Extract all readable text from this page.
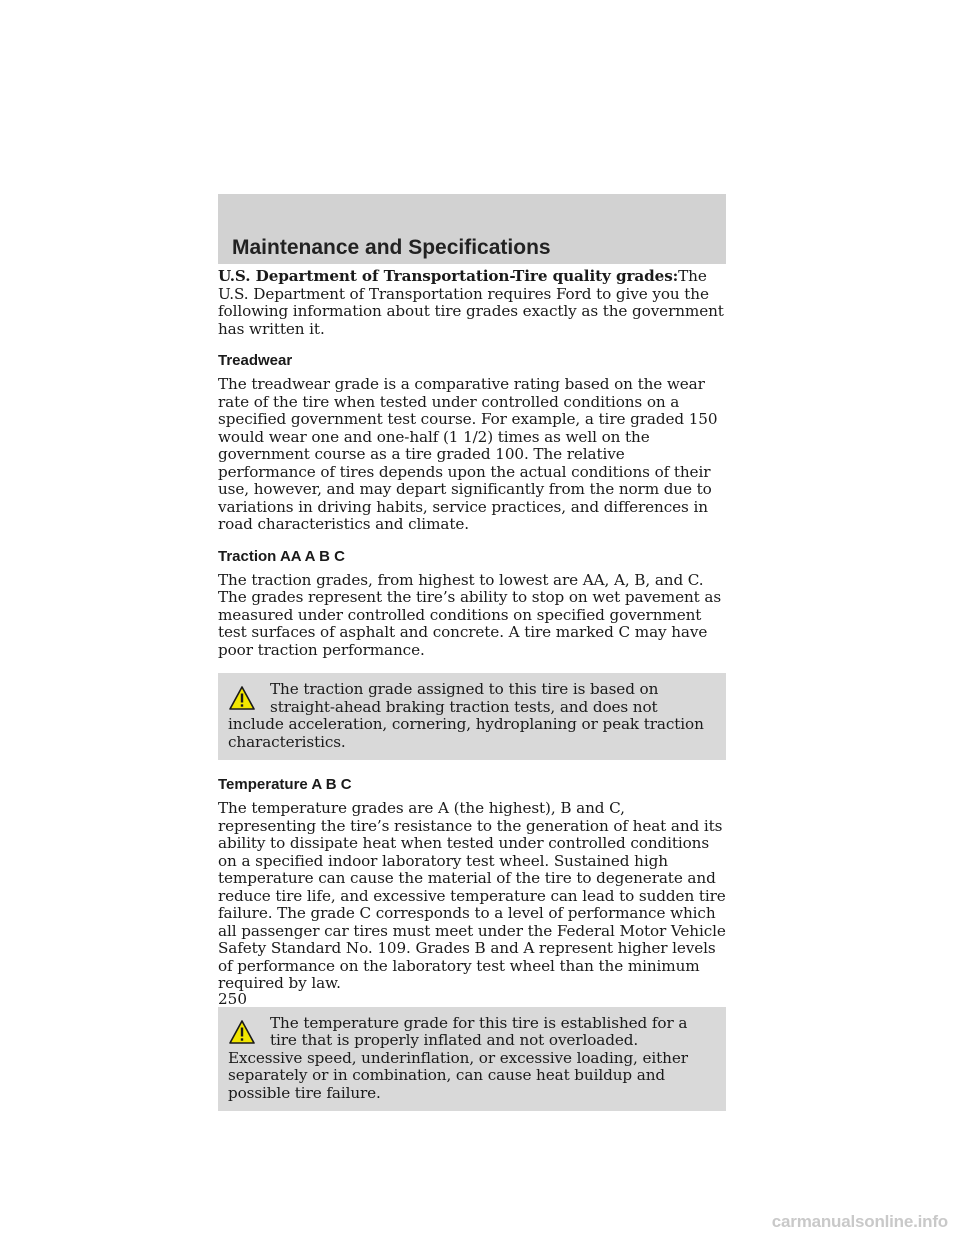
Maintenance and Specifications

U.S. Department of Transportation-Tire quality grades:The U.S. Department of Transportation requires Ford to give you the following information about tire grades exactly as the government has written it.

Treadwear

The treadwear grade is a comparative rating based on the wear rate of the tire when tested under controlled conditions on a specified government test course. For example, a tire graded 150 would wear one and one-half (1 1/2) times as well on the government course as a tire graded 100. The relative performance of tires depends upon the actual conditions of their use, however, and may depart significantly from the norm due to variations in driving habits, service practices, and differences in road characteristics and climate.

Traction AA A B C

The traction grades, from highest to lowest are AA, A, B, and C. The grades represent the tire’s ability to stop on wet pavement as measured under controlled conditions on specified government test surfaces of asphalt and concrete. A tire marked C may have poor traction performance.

The traction grade assigned to this tire is based on straight-ahead braking traction tests, and does not include acceleration, cornering, hydroplaning or peak traction characteristics.
Temperature A B C

The temperature grades are A (the highest), B and C, representing the tire’s resistance to the generation of heat and its ability to dissipate heat when tested under controlled conditions on a specified indoor laboratory test wheel. Sustained high temperature can cause the material of the tire to degenerate and reduce tire life, and excessive temperature can lead to sudden tire failure. The grade C corresponds to a level of performance which all passenger car tires must meet under the Federal Motor Vehicle Safety Standard No. 109. Grades B and A represent higher levels of performance on the laboratory test wheel than the minimum required by law.

The temperature grade for this tire is established for a tire that is properly inflated and not overloaded. Excessive speed, underinflation, or excessive loading, either separately or in combination, can cause heat buildup and possible tire failure.
250
carmanualsonline.info
